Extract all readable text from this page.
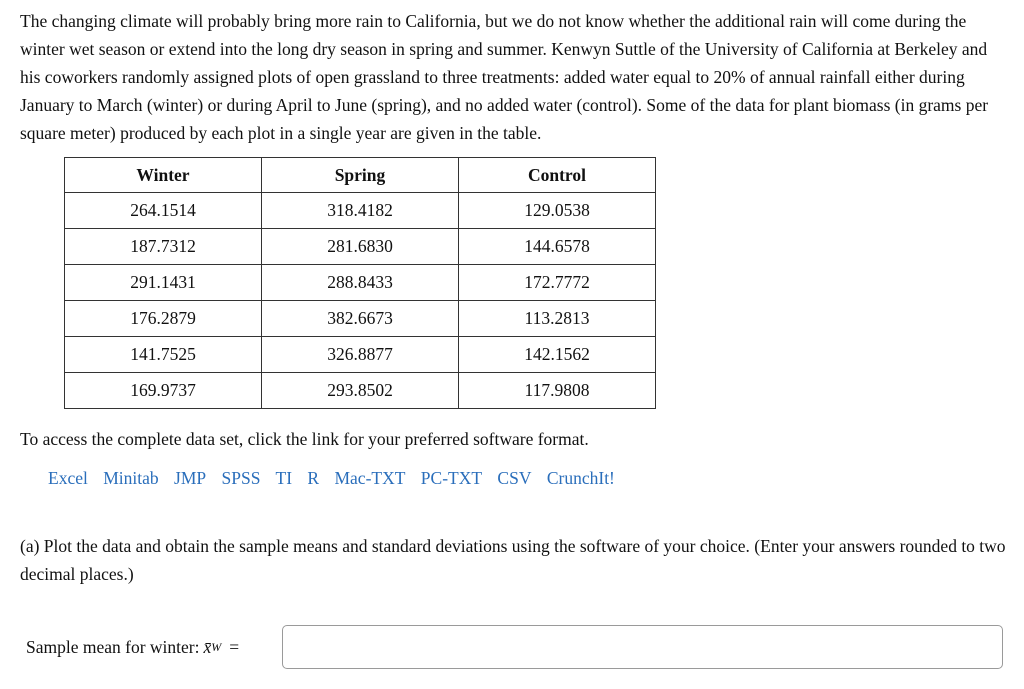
The changing climate will probably bring more rain to California, but we do not know whether the additional rain will come during the winter wet season or extend into the long dry season in spring and summer. Kenwyn Suttle of the University of California at Berkeley and his coworkers randomly assigned plots of open grassland to three treatments: added water equal to 20% of annual rainfall either during January to March (winter) or during April to June (spring), and no added water (control). Some of the data for plant biomass (in grams per square meter) produced by each plot in a single year are given in the table.

Winter	Spring	Control
264.1514	318.4182	129.0538
187.7312	281.6830	144.6578
291.1431	288.8433	172.7772
176.2879	382.6673	113.2813
141.7525	326.8877	142.1562
169.9737	293.8502	117.9808

To access the complete data set, click the link for your preferred software format.

Excel Minitab JMP SPSS TI R Mac-TXT PC-TXT CSV CrunchIt!

(a) Plot the data and obtain the sample means and standard deviations using the software of your choice. (Enter your answers rounded to two decimal places.)

Sample mean for winter: x̄ W =
